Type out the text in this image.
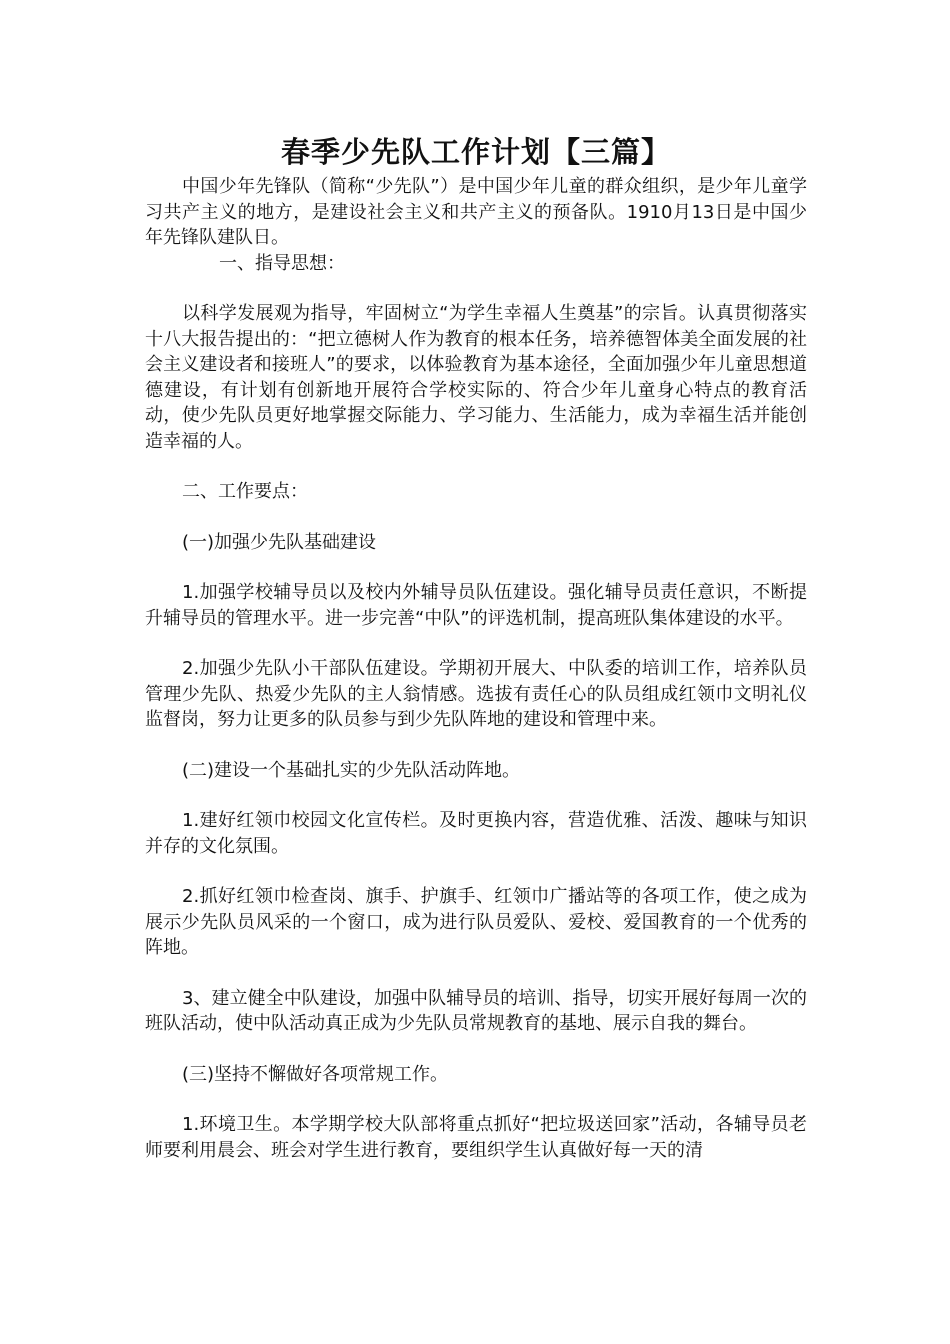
春季少先队工作计划【三篇】

中国少年先锋队（简称“少先队”）是中国少年儿童的群众组织，是少年儿童学习共产主义的地方，是建设社会主义和共产主义的预备队。1910月13日是中国少年先锋队建队日。

一、指导思想：

以科学发展观为指导，牢固树立“为学生幸福人生奠基”的宗旨。认真贯彻落实十八大报告提出的：“把立德树人作为教育的根本任务，培养德智体美全面发展的社会主义建设者和接班人”的要求，以体验教育为基本途径，全面加强少年儿童思想道德建设，有计划有创新地开展符合学校实际的、符合少年儿童身心特点的教育活动，使少先队员更好地掌握交际能力、学习能力、生活能力，成为幸福生活并能创造幸福的人。

二、工作要点：

(一)加强少先队基础建设

1.加强学校辅导员以及校内外辅导员队伍建设。强化辅导员责任意识，不断提升辅导员的管理水平。进一步完善“中队”的评选机制，提高班队集体建设的水平。

2.加强少先队小干部队伍建设。学期初开展大、中队委的培训工作，培养队员管理少先队、热爱少先队的主人翁情感。选拔有责任心的队员组成红领巾文明礼仪监督岗，努力让更多的队员参与到少先队阵地的建设和管理中来。

(二)建设一个基础扎实的少先队活动阵地。

1.建好红领巾校园文化宣传栏。及时更换内容，营造优雅、活泼、趣味与知识并存的文化氛围。

2.抓好红领巾检查岗、旗手、护旗手、红领巾广播站等的各项工作，使之成为展示少先队员风采的一个窗口，成为进行队员爱队、爱校、爱国教育的一个优秀的阵地。

3、建立健全中队建设，加强中队辅导员的培训、指导，切实开展好每周一次的班队活动，使中队活动真正成为少先队员常规教育的基地、展示自我的舞台。

(三)坚持不懈做好各项常规工作。

1.环境卫生。本学期学校大队部将重点抓好“把垃圾送回家”活动，各辅导员老师要利用晨会、班会对学生进行教育，要组织学生认真做好每一天的清
